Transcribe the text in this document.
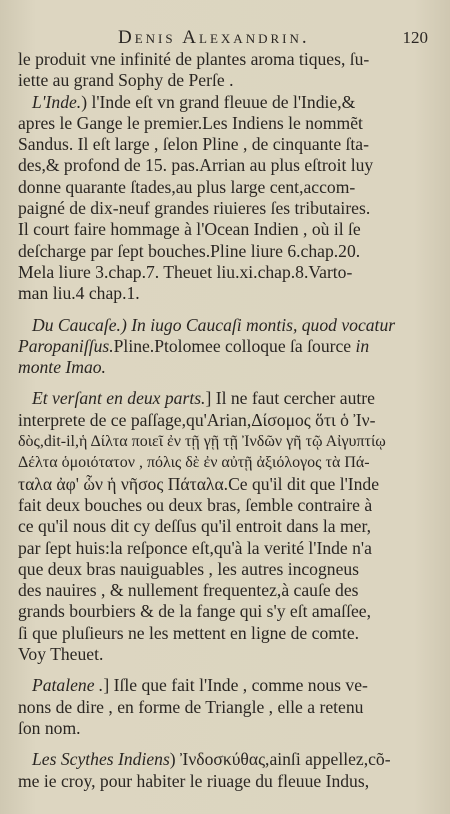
Denis Alexandrin.	120
le produit vne infinité de plantes aroma tiques, ſu-
iette au grand Sophy de Perſe .
L'Inde.) l'Inde eſt vn grand fleuue de l'Indie,&
apres le Gange le premier.Les Indiens le nommẽt
Sandus. Il eſt large , ſelon Pline , de cinquante ſta-
des,& profond de 15. pas.Arrian au plus eſtroit luy
donne quarante ſtades,au plus large cent,accom-
paigné de dix-neuf grandes riuieres ſes tributaires.
Il court faire hommage à l'Ocean Indien , où il ſe
deſcharge par ſept bouches.Pline liure 6.chap.20.
Mela liure 3.chap.7. Theuet liu.xi.chap.8.Varto-
man liu.4 chap.1.
Du Caucaſe.) In iugo Caucaſi montis, quod vocatur
Paropaniſſus.Pline.Ptolomee colloque ſa ſource in
monte Imao.
Et verſant en deux parts.] Il ne faut cercher autre
interprete de ce paſſage,qu'Arian,Δίσομος ὅτι ὁ Ἰν-
δὸς,dit-il,ἡ Δίλτα ποιεῖ ἐν τῇ γῇ τῇ Ἰνδῶν γῆ τῷ Αἰγυπτίῳ
Δέλτα ὁμοιότατον , πόλις δὲ ἐν αὐτῇ ἀξιόλογος τὰ Πά-
ταλα ἀφ' ὧν ἡ νῆσος Πάταλα.Ce qu'il dit que l'Inde
fait deux bouches ou deux bras, ſemble contraire à
ce qu'il nous dit cy deſſus qu'il entroit dans la mer,
par ſept huis:la reſponce eſt,qu'à la verité l'Inde n'a
que deux bras nauiguables , les autres incogneus
des nauires , & nullement frequentez,à cauſe des
grands bourbiers & de la fange qui s'y eſt amaſſee,
ſi que pluſieurs ne les mettent en ligne de comte.
Voy Theuet.
Patalene .] Iſle que fait l'Inde , comme nous ve-
nons de dire , en forme de Triangle , elle a retenu
ſon nom.
Les Scythes Indiens) Ἰνδοσκύθας,ainſi appellez,cõ-
me ie croy, pour habiter le riuage du fleuue Indus,
